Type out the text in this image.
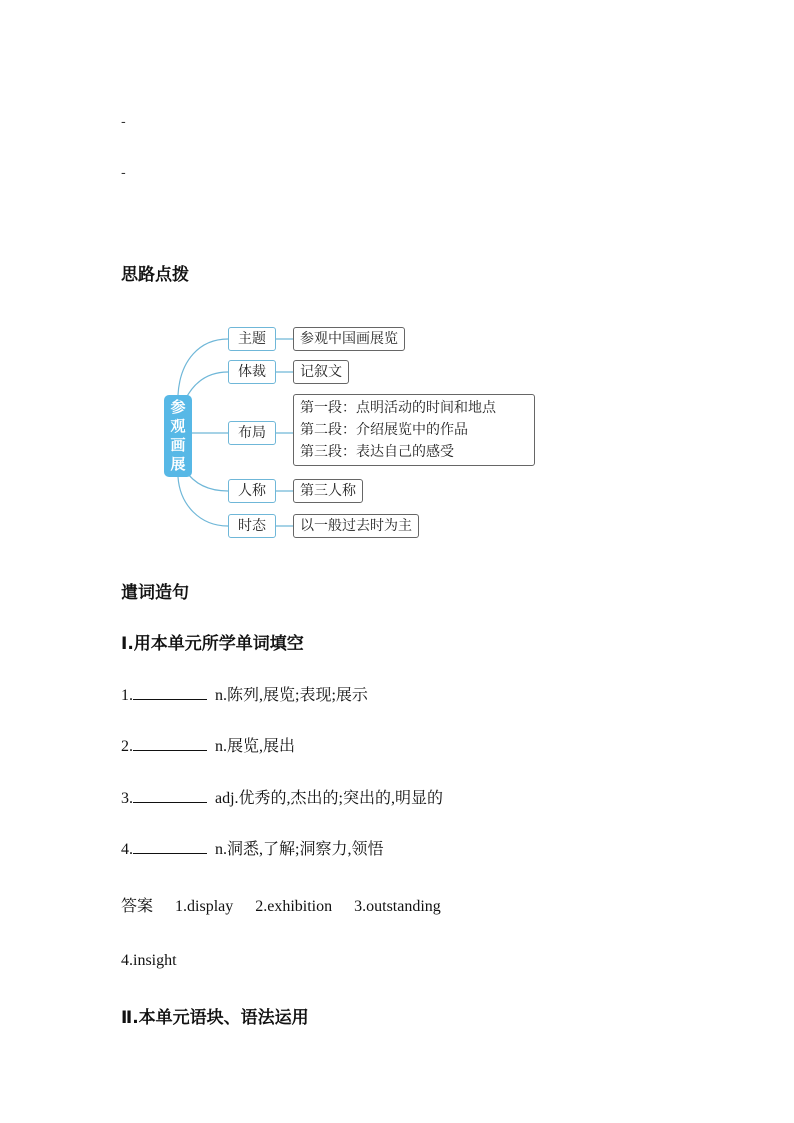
-
-
思路点拨
参观画展
主题	参观中国画展览
体裁	记叙文
布局
第一段：点明活动的时间和地点
第二段：介绍展览中的作品
第三段：表达自己的感受
人称	第三人称
时态	以一般过去时为主
遣词造句
Ⅰ.用本单元所学单词填空
1.	n.陈列,展览;表现;展示
2.	n.展览,展出
3.	adj.优秀的,杰出的;突出的,明显的
4.	n.洞悉,了解;洞察力,领悟
答案 1.display 2.exhibition 3.outstanding
4.insight
Ⅱ.本单元语块、语法运用
